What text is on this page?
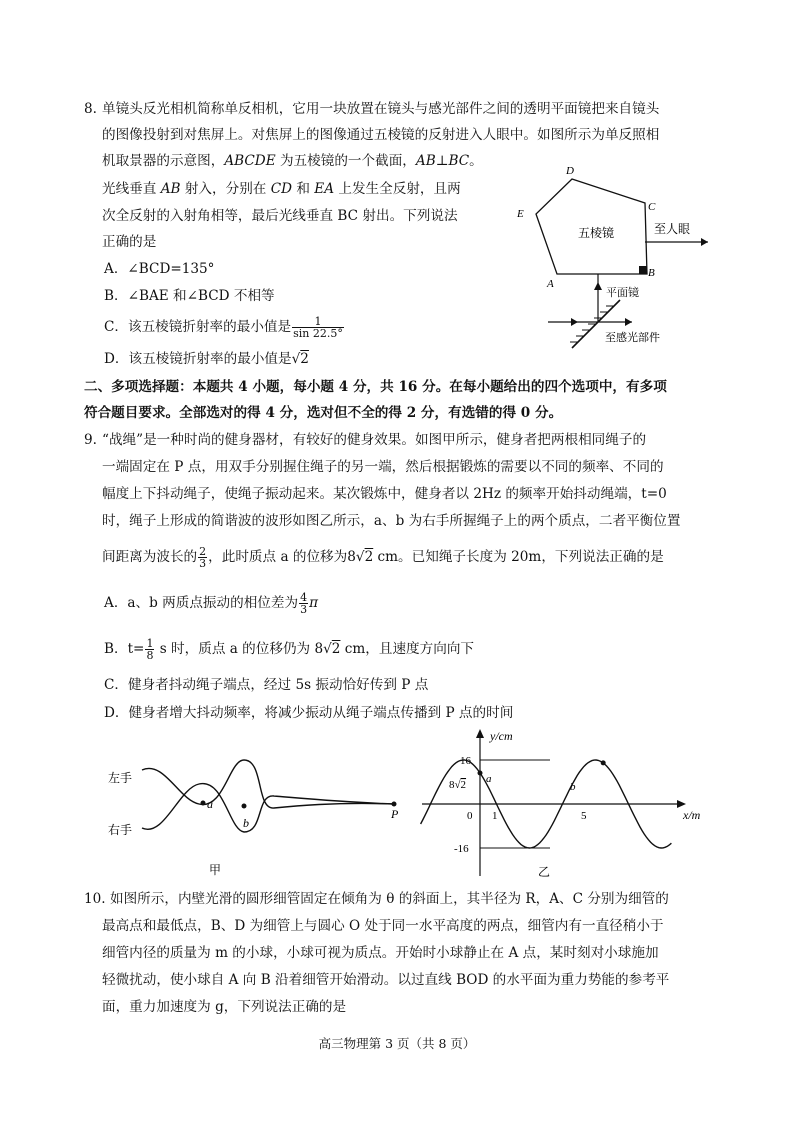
8. 单镜头反光相机简称单反相机，它用一块放置在镜头与感光部件之间的透明平面镜把来自镜头
的图像投射到对焦屏上。对焦屏上的图像通过五棱镜的反射进入人眼中。如图所示为单反照相
机取景器的示意图，ABCDE 为五棱镜的一个截面，AB⊥BC。
光线垂直 AB 射入，分别在 CD 和 EA 上发生全反射，且两
次全反射的入射角相等，最后光线垂直 BC 射出。下列说法
正确的是
A．∠BCD=135°
B．∠BAE 和∠BCD 不相等
C．该五棱镜折射率的最小值是 $\frac{1}{\sin 22.5^\circ}$
D．该五棱镜折射率的最小值是√2
D
C
E
B
A
五棱镜	至人眼
平面镜
至感光部件
二、多项选择题：本题共 4 小题，每小题 4 分，共 16 分。在每小题给出的四个选项中，有多项
符合题目要求。全部选对的得 4 分，选对但不全的得 2 分，有选错的得 0 分。
9. “战绳”是一种时尚的健身器材，有较好的健身效果。如图甲所示，健身者把两根相同绳子的
一端固定在 P 点，用双手分别握住绳子的另一端，然后根据锻炼的需要以不同的频率、不同的
幅度上下抖动绳子，使绳子振动起来。某次锻炼中，健身者以 2Hz 的频率开始抖动绳端，t=0
时，绳子上形成的简谐波的波形如图乙所示，a、b 为右手所握绳子上的两个质点，二者平衡位置
间距离为波长的 $\frac{2}{3}$ ，此时质点 a 的位移为8√2 cm。已知绳子长度为 20m，下列说法正确的是
A．a、b 两质点振动的相位差为 $\frac{4}{3}$ π
B．$t= \frac{1}{8}$ s 时，质点 a 的位移仍为 8√2 cm，且速度方向向下
C．健身者抖动绳子端点，经过 5s 振动恰好传到 P 点
D．健身者增大抖动频率，将减少振动从绳子端点传播到 P 点的时间
左手
右手
a
b
P
甲
y/cm
x/m
16
-16
8√2
0 1	5
a
b
乙
10. 如图所示，内壁光滑的圆形细管固定在倾角为 θ 的斜面上，其半径为 R，A、C 分别为细管的
最高点和最低点，B、D 为细管上与圆心 O 处于同一水平高度的两点，细管内有一直径稍小于
细管内径的质量为 m 的小球，小球可视为质点。开始时小球静止在 A 点，某时刻对小球施加
轻微扰动，使小球自 A 向 B 沿着细管开始滑动。以过直线 BOD 的水平面为重力势能的参考平
面，重力加速度为 g，下列说法正确的是
高三物理第 3 页（共 8 页）
